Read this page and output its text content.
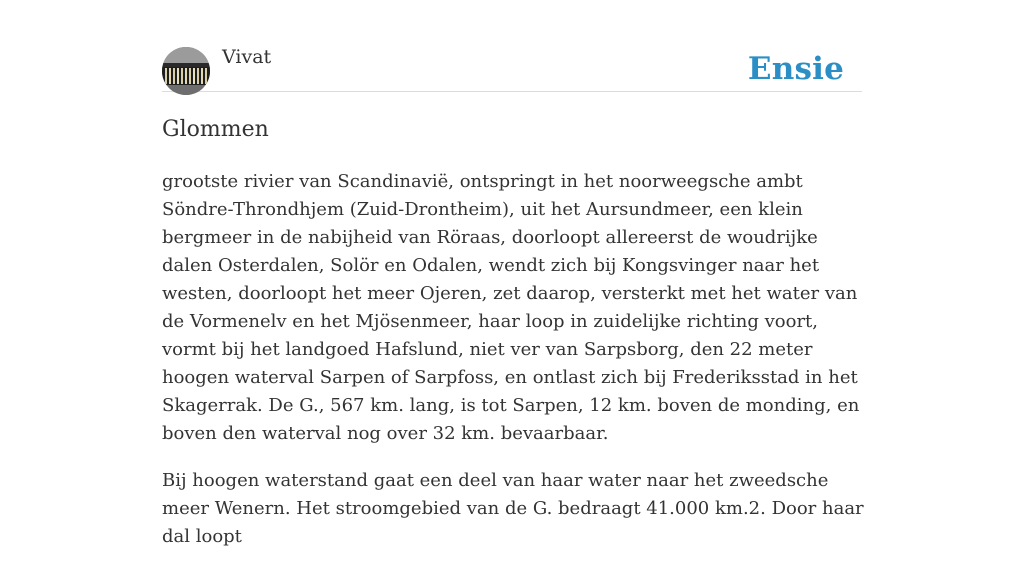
Vivat	Ensie
Glommen

grootste rivier van Scandinavië, ontspringt in het noorweegsche ambt Söndre-Throndhjem (Zuid-Drontheim), uit het Aursundmeer, een klein bergmeer in de nabijheid van Röraas, doorloopt allereerst de woudrijke dalen Osterdalen, Solör en Odalen, wendt zich bij Kongsvinger naar het westen, doorloopt het meer Ojeren, zet daarop, versterkt met het water van de Vormenelv en het Mjösenmeer, haar loop in zuidelijke richting voort, vormt bij het landgoed Hafslund, niet ver van Sarpsborg, den 22 meter hoogen waterval Sarpen of Sarpfoss, en ontlast zich bij Frederiksstad in het Skagerrak. De G., 567 km. lang, is tot Sarpen, 12 km. boven de monding, en boven den waterval nog over 32 km. bevaarbaar.

Bij hoogen waterstand gaat een deel van haar water naar het zweedsche meer Wenern. Het stroomgebied van de G. bedraagt 41.000 km.2. Door haar dal loopt
